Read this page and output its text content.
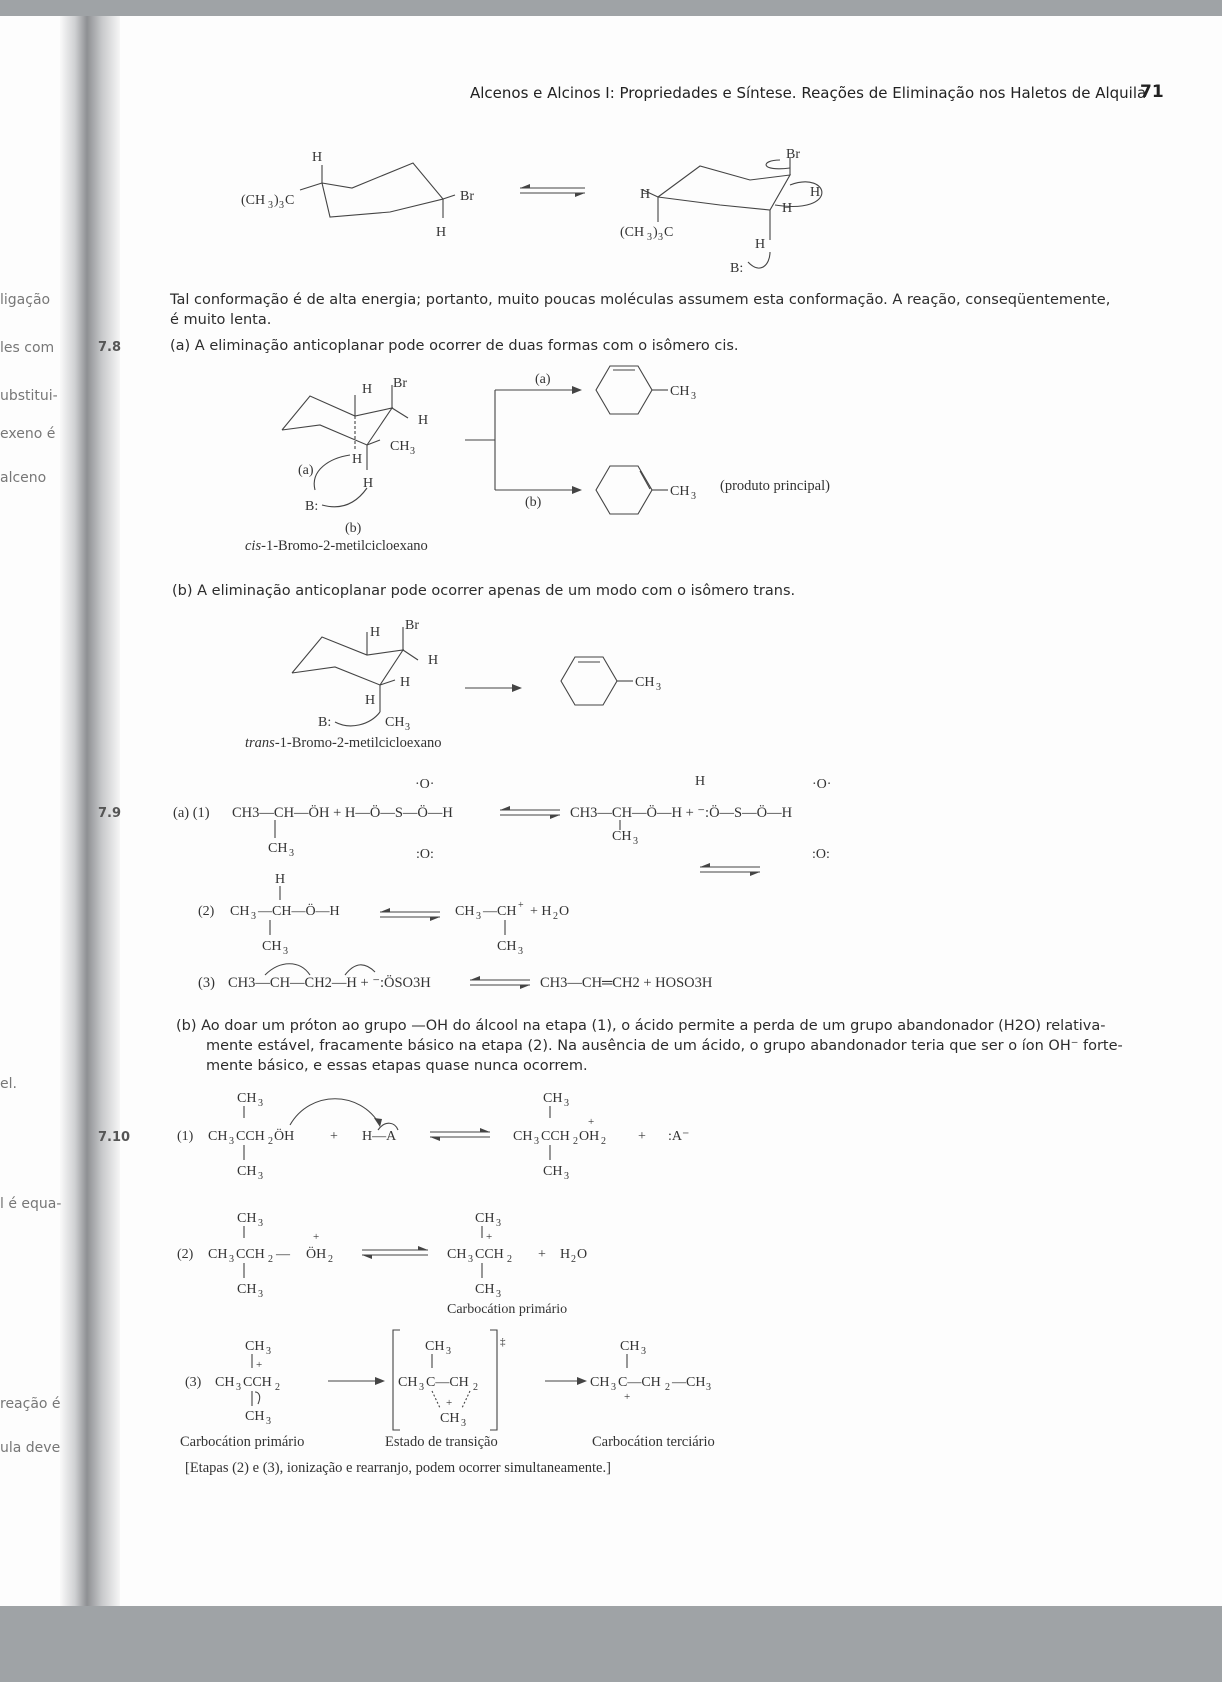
ligação
les com
ubstitui-
exeno é
alceno
el.
l é equa-
reação é
ula deve
Alcenos e Alcinos I: Propriedades e Síntese. Reações de Eliminação nos Haletos de Alquila
71
H
(CH 3 ) 3 C	Br
H
Br
H
H
H
(CH 3 ) 3 C
H
B:
Tal conformação é de alta energia; portanto, muito poucas moléculas assumem esta conformação. A reação, conseqüentemente,
é muito lenta.
7.8	(a) A eliminação anticoplanar pode ocorrer de duas formas com o isômero cis.
H Br
H
CH 3
H
H
(a)
B:
(b)
(a)
(b)
CH 3
CH 3
(produto principal)
cis-1-Bromo-2-metilcicloexano
(b) A eliminação anticoplanar pode ocorrer apenas de um modo com o isômero trans.
H Br
H
H
H
CH 3
B:
CH 3
trans-1-Bromo-2-metilcicloexano
7.9	(a) (1) CH3—CH—ÖH + H—Ö—S—Ö—H	CH3—CH—Ö—H + ⁻:Ö—S—Ö—H
CH 3
CH 3
·O·
:O:
·O·
:O:
H
H
(2) CH 3 —CH—Ö—H
CH 3
CH 3 —CH + + H 2 O
CH 3
(3) CH3—CH—CH2—H + ⁻:ÖSO3H	CH3—CH═CH2 + HOSO3H
(b) Ao doar um próton ao grupo —OH do álcool na etapa (1), o ácido permite a perda de um grupo abandonador (H2O) relativa-
mente estável, fracamente básico na etapa (2). Na ausência de um ácido, o grupo abandonador teria que ser o íon OH⁻ forte-
mente básico, e essas etapas quase nunca ocorrem.
7.10
CH 3
(1) CH 3 CCH 2 ÖH
CH 3
+ H—A
CH 3
+
CH 3 CCH 2 OH 2
CH 3
+ :A⁻
CH 3
+
(2) CH 3 CCH 2 — ÖH 2
CH 3
CH 3
+
CH 3 CCH 2 + H 2 O
CH 3
Carbocátion primário
CH 3
+
(3) CH 3 CCH 2
CH 3
‡
CH 3
CH 3 C—CH 2
+
CH 3
CH 3
CH 3 C—CH 2 —CH 3
+
Carbocátion primário	Estado de transição	Carbocátion terciário
[Etapas (2) e (3), ionização e rearranjo, podem ocorrer simultaneamente.]
